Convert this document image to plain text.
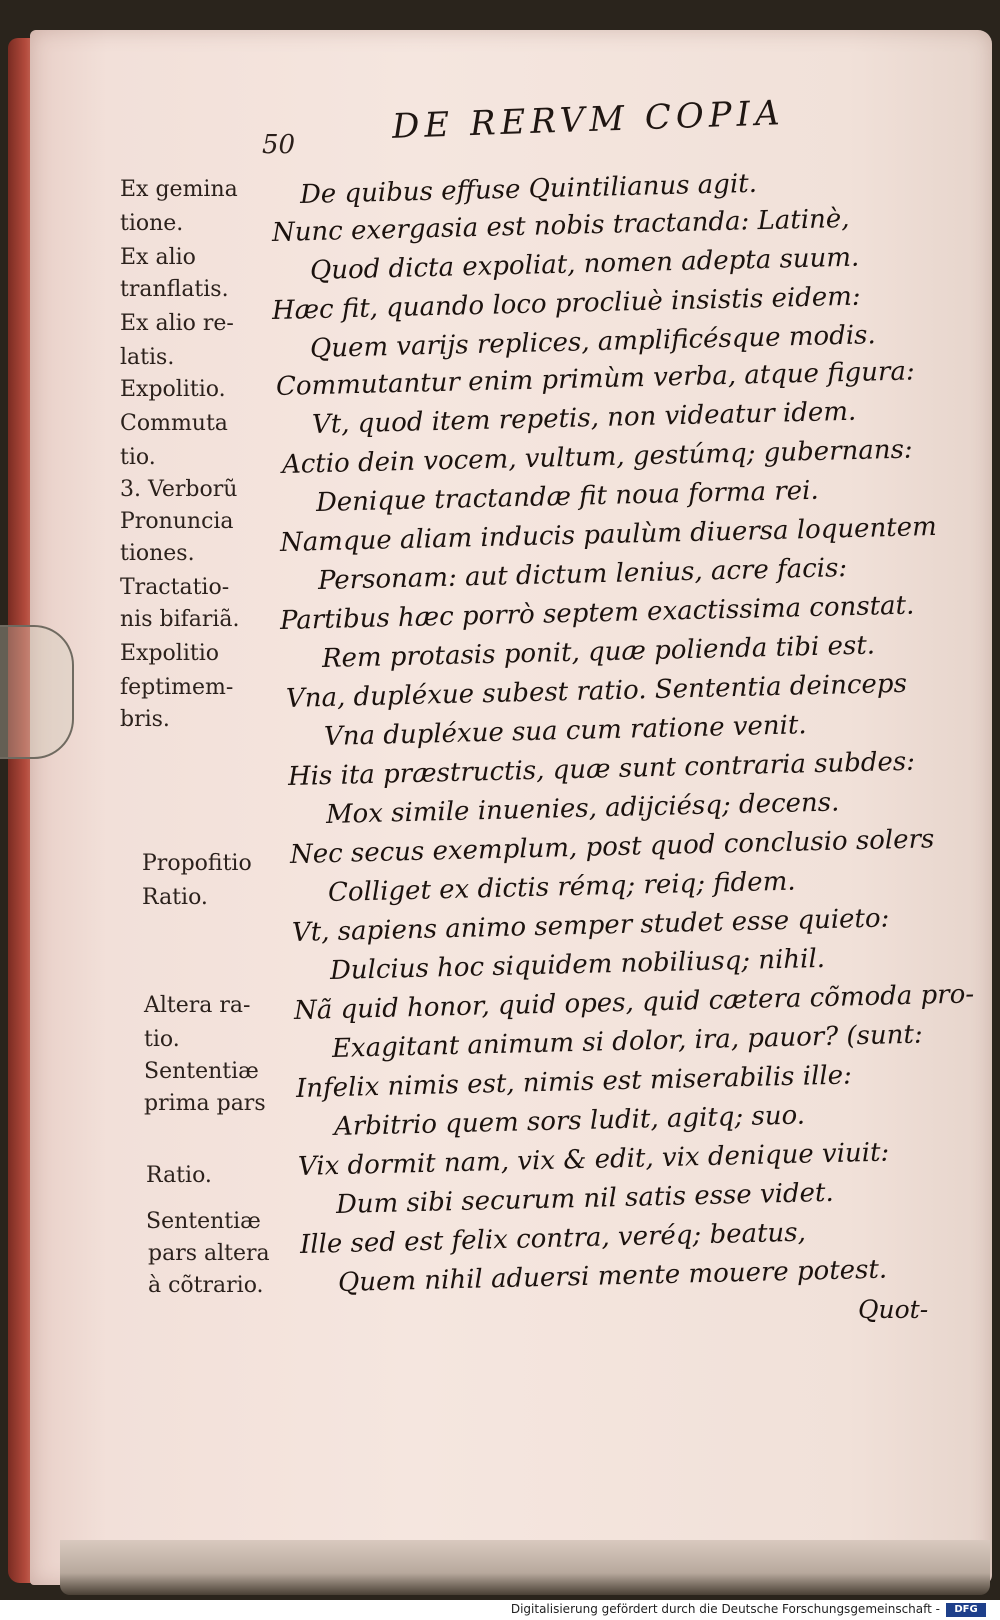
50	DE RERVM COPIA
Ex gemina
tione.
Ex alio
tranflatis.
Ex alio re-
latis.
Expolitio.
Commuta
tio.
3. Verborũ
Pronuncia
tiones.
Tractatio-
nis bifariã.
Expolitio
feptimem-
bris.
Propofitio
Ratio.
Altera ra-
tio.
Sententiæ
prima pars
Ratio.
Sententiæ
pars altera
à cõtrario.
De quibus effuse Quintilianus agit.
Nunc exergasia est nobis tractanda: Latinè,
Quod dicta expoliat, nomen adepta suum.
Hæc fit, quando loco procliuè insistis eidem:
Quem varijs replices, amplificésque modis.
Commutantur enim primùm verba, atque figura:
Vt, quod item repetis, non videatur idem.
Actio dein vocem, vultum, gestúmq; gubernans:
Denique tractandæ fit noua forma rei.
Namque aliam inducis paulùm diuersa loquentem
Personam: aut dictum lenius, acre facis:
Partibus hæc porrò septem exactissima constat.
Rem protasis ponit, quæ polienda tibi est.
Vna, dupléxue subest ratio. Sententia deinceps
Vna dupléxue sua cum ratione venit.
His ita præstructis, quæ sunt contraria subdes:
Mox simile inuenies, adijciésq; decens.
Nec secus exemplum, post quod conclusio solers
Colliget ex dictis rémq; reiq; fidem.
Vt, sapiens animo semper studet esse quieto:
Dulcius hoc siquidem nobiliusq; nihil.
Nã quid honor, quid opes, quid cætera cõmoda pro-
Exagitant animum si dolor, ira, pauor? (sunt:
Infelix nimis est, nimis est miserabilis ille:
Arbitrio quem sors ludit, agitq; suo.
Vix dormit nam, vix & edit, vix denique viuit:
Dum sibi securum nil satis esse videt.
Ille sed est felix contra, veréq; beatus,
Quem nihil aduersi mente mouere potest.
Quot-
Digitalisierung gefördert durch die Deutsche Forschungsgemeinschaft -	DFG
